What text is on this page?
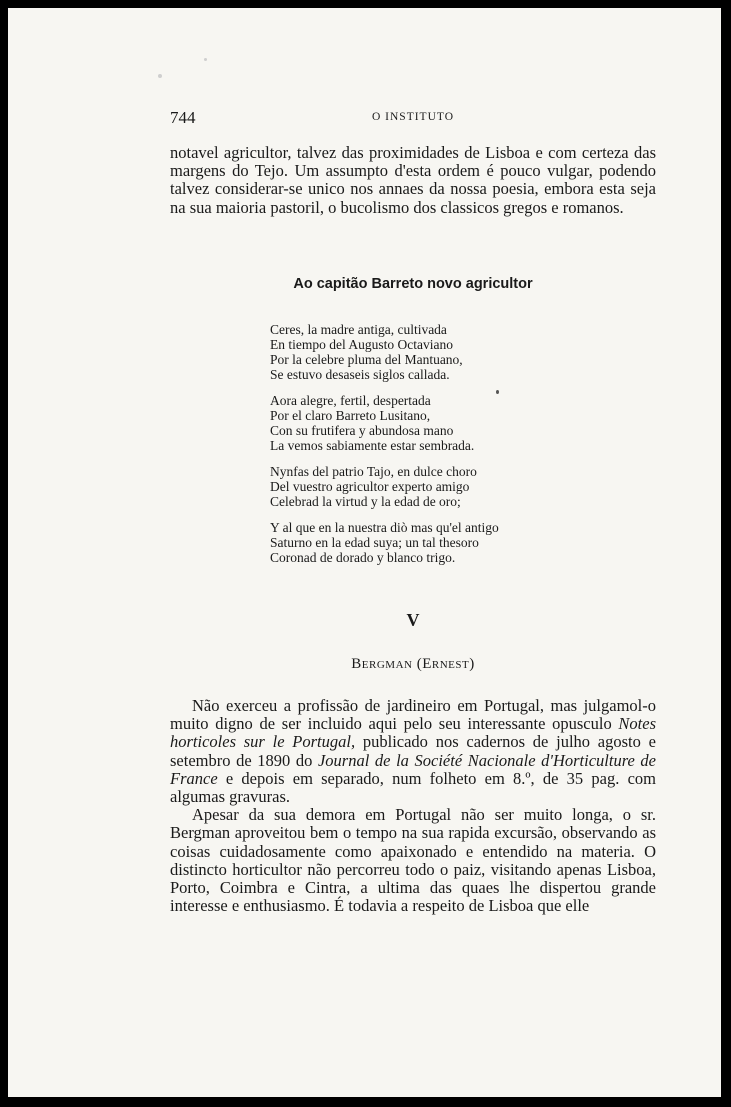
744	O INSTITUTO

notavel agricultor, talvez das proximidades de Lisboa e com certeza das margens do Tejo. Um assumpto d'esta ordem é pouco vulgar, podendo talvez considerar-se unico nos annaes da nossa poesia, embora esta seja na sua maioria pastoril, o bucolismo dos classicos gregos e romanos.

Ao capitão Barreto novo agricultor
Ceres, la madre antiga, cultivada
En tiempo del Augusto Octaviano
Por la celebre pluma del Mantuano,
Se estuvo desaseis siglos callada.
Aora alegre, fertil, despertada
Por el claro Barreto Lusitano,
Con su frutifera y abundosa mano
La vemos sabiamente estar sembrada.
Nynfas del patrio Tajo, en dulce choro
Del vuestro agricultor experto amigo
Celebrad la virtud y la edad de oro;
Y al que en la nuestra diò mas qu'el antigo
Saturno en la edad suya; un tal thesoro
Coronad de dorado y blanco trigo.
V
Bergman (Ernest)

Não exerceu a profissão de jardineiro em Portugal, mas julgamol-o muito digno de ser incluido aqui pelo seu interessante opusculo Notes horticoles sur le Portugal, publicado nos cadernos de julho agosto e setembro de 1890 do Journal de la Société Nacionale d'Horticulture de France e depois em separado, num folheto em 8.º, de 35 pag. com algumas gravuras.

Apesar da sua demora em Portugal não ser muito longa, o sr. Bergman aproveitou bem o tempo na sua rapida excursão, observando as coisas cuidadosamente como apaixonado e entendido na materia. O distincto horticultor não percorreu todo o paiz, visitando apenas Lisboa, Porto, Coimbra e Cintra, a ultima das quaes lhe dispertou grande interesse e enthusiasmo. É todavia a respeito de Lisboa que elle
